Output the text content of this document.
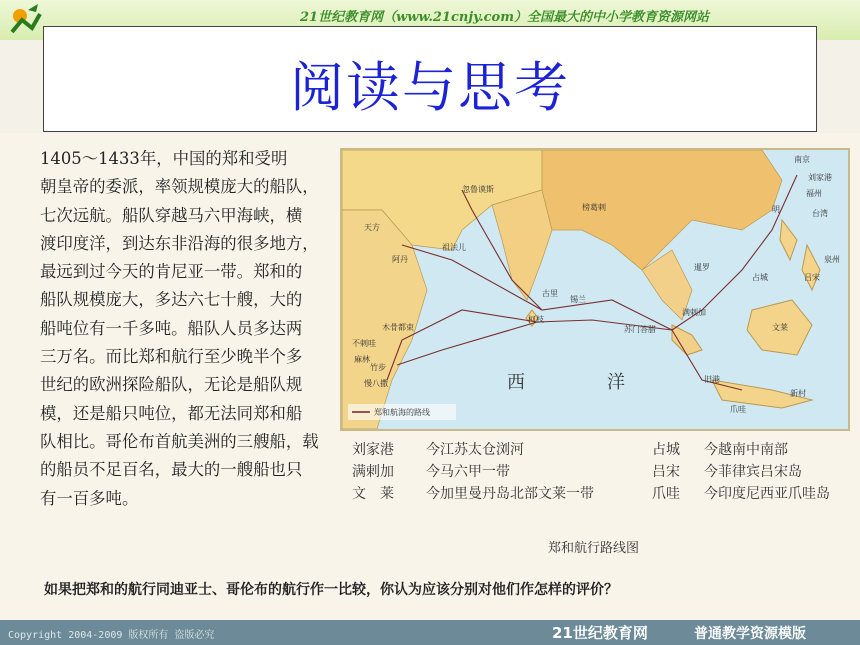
21世纪教育网（www.21cnjy.com）全国最大的中小学教育资源网站
阅读与思考
1405～1433年，中国的郑和受明
朝皇帝的委派，率领规模庞大的船队，
七次远航。船队穿越马六甲海峡，横
渡印度洋，到达东非沿海的很多地方，
最远到过今天的肯尼亚一带。郑和的
船队规模庞大，多达六七十艘，大的
船吨位有一千多吨。船队人员多达两
三万名。而比郑和航行至少晚半个多
世纪的欧洲探险船队，无论是船队规
模，还是船只吨位，都无法同郑和船
队相比。哥伦布首航美洲的三艘船，载
的船员不足百名，最大的一艘船也只
有一百多吨。
郑和航海的路线
西	洋
南京
刘家港
福州
明	台湾
泉州
吕宋
文莱
占城
暹罗
满剌加
苏门答腊
爪哇
旧港
新村
古里
柯枝
锡兰
榜葛剌
忽鲁谟斯
天方
阿丹
祖法儿
木骨都束
不剌哇
麻林
竹步
慢八撒
刘家港 今江苏太仓浏河	占城 今越南中南部
满剌加 今马六甲一带	吕宋 今菲律宾吕宋岛
文　莱 今加里曼丹岛北部文莱一带	爪哇 今印度尼西亚爪哇岛
郑和航行路线图
如果把郑和的航行同迪亚士、哥伦布的航行作一比较，你认为应该分别对他们作怎样的评价？
Copyright 2004-2009 版权所有 盗版必究	21世纪教育网	普通教学资源模版
